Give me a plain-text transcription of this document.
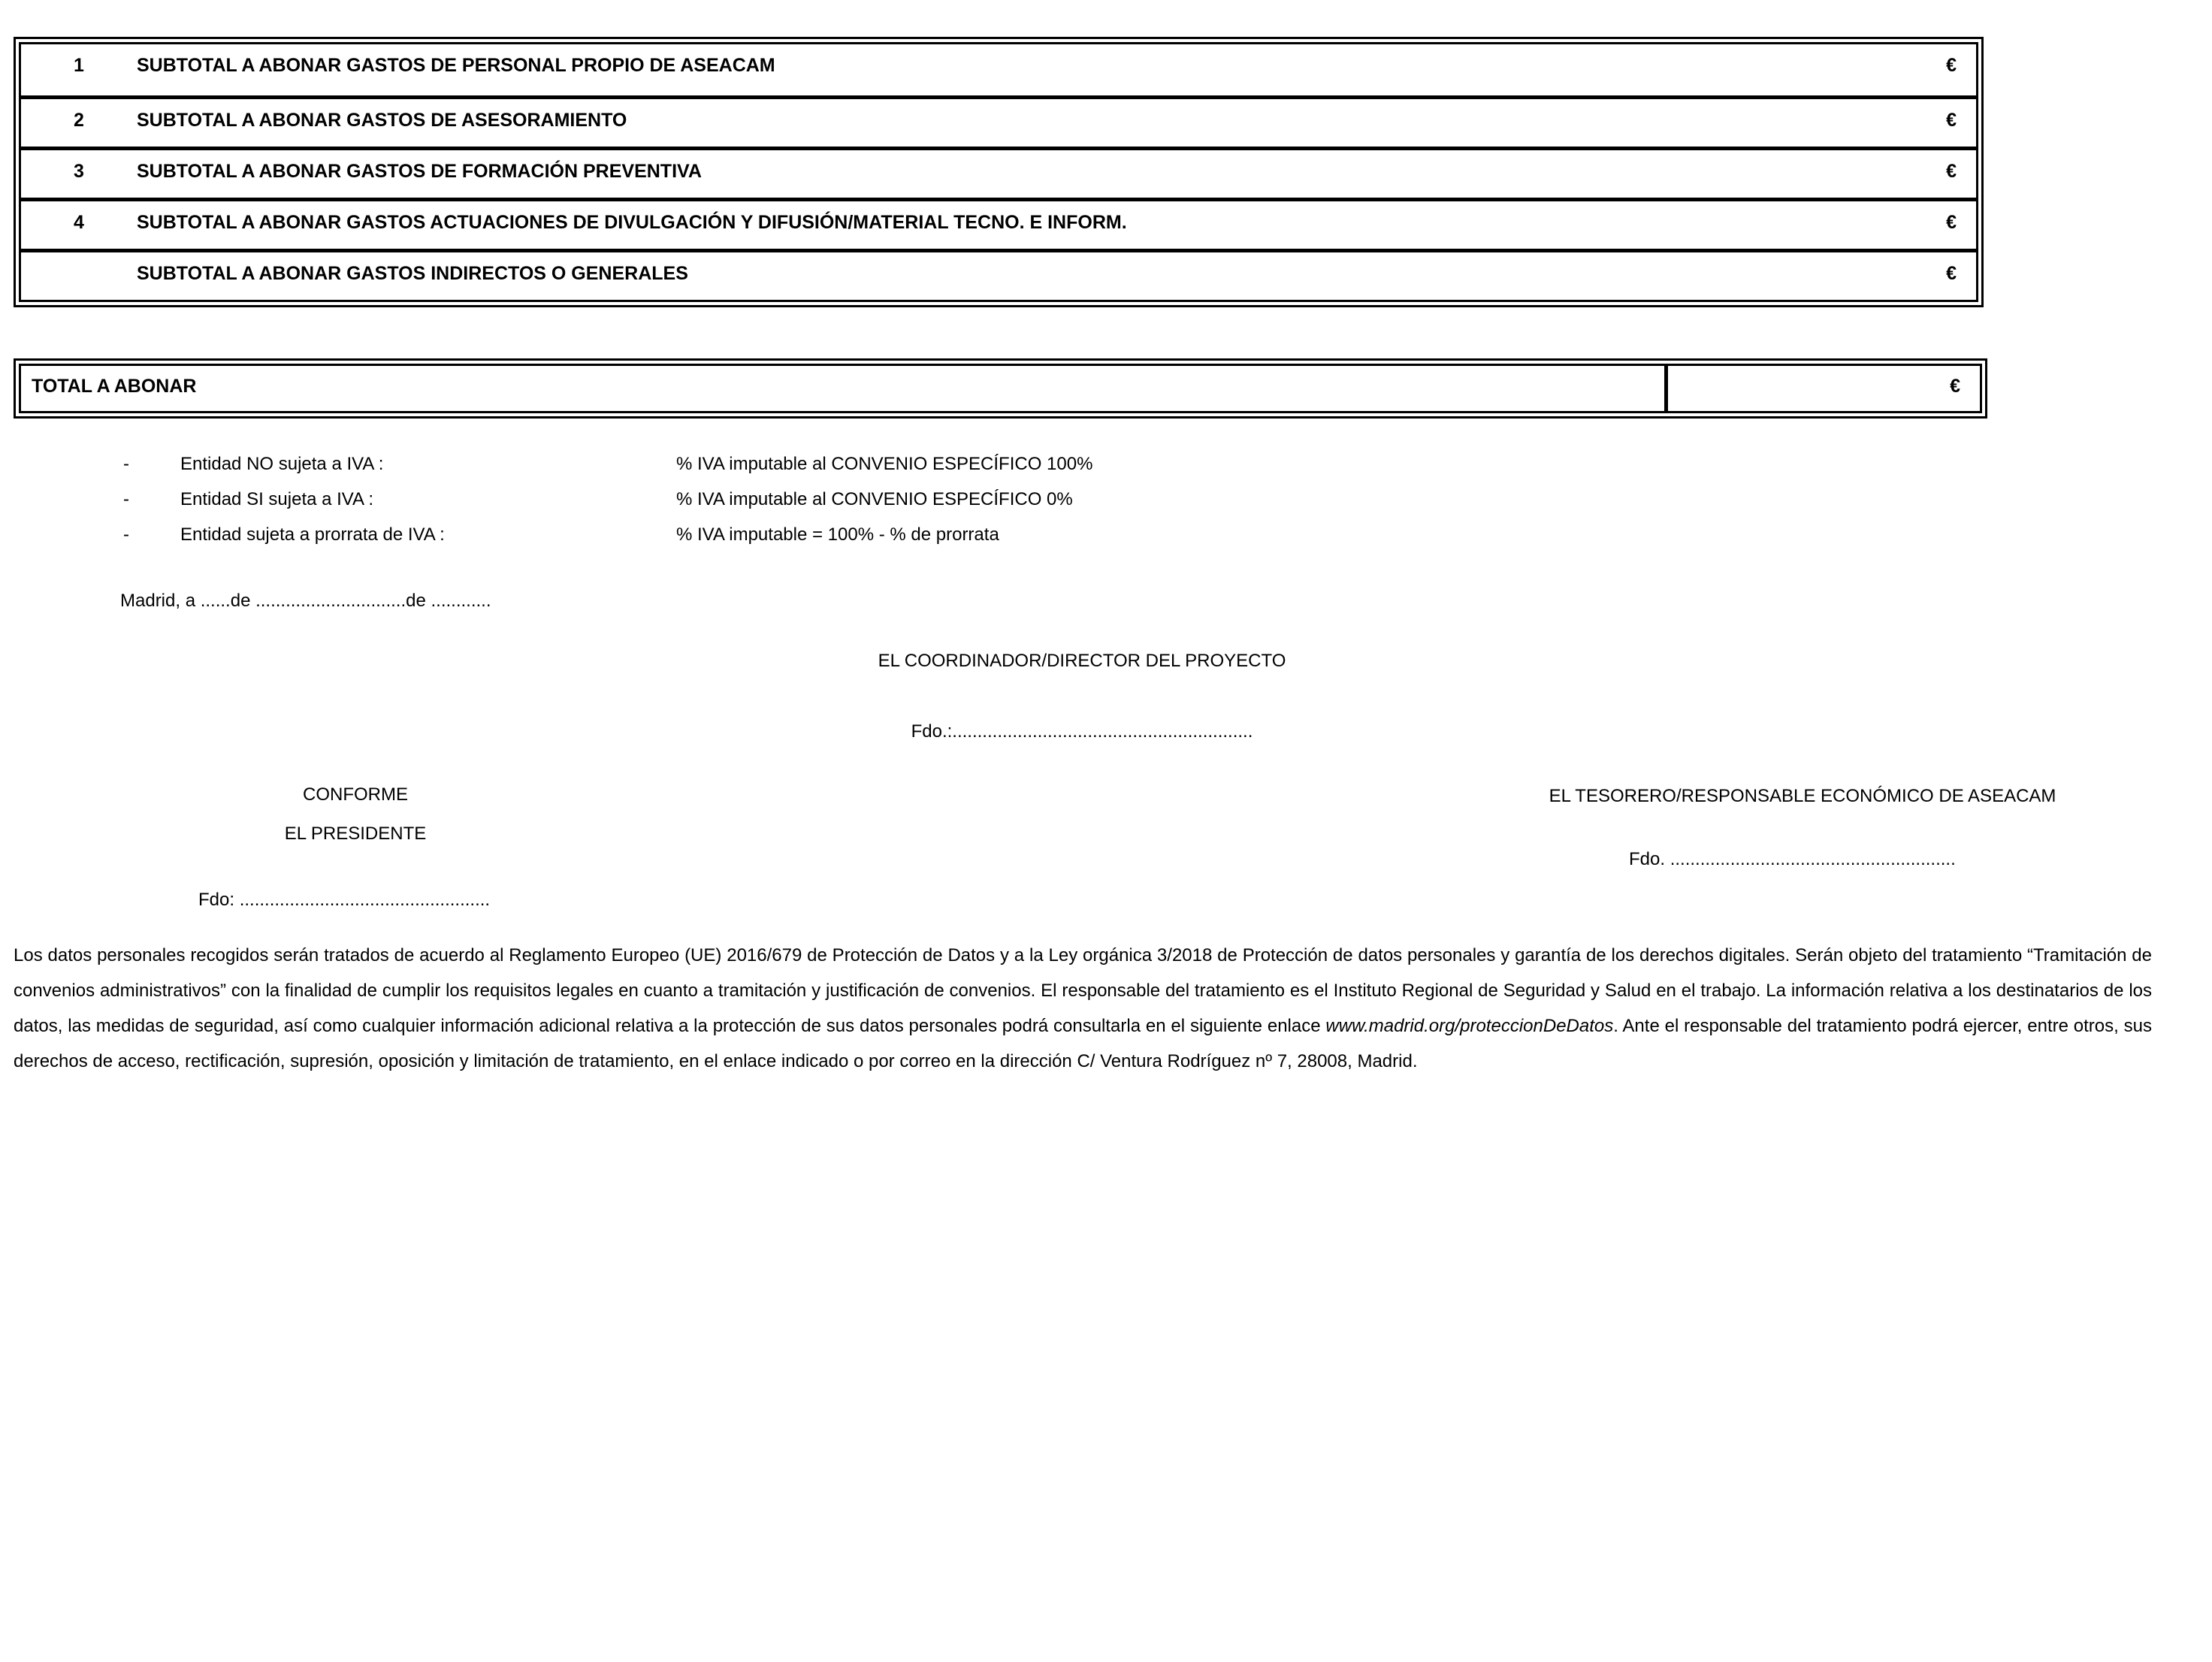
1	SUBTOTAL A ABONAR GASTOS DE PERSONAL PROPIO DE ASEACAM	€
2	SUBTOTAL A ABONAR GASTOS DE ASESORAMIENTO	€
3	SUBTOTAL A ABONAR GASTOS DE FORMACIÓN PREVENTIVA	€
4	SUBTOTAL A ABONAR GASTOS ACTUACIONES DE DIVULGACIÓN Y DIFUSIÓN/MATERIAL TECNO. E INFORM.	€
SUBTOTAL A ABONAR GASTOS INDIRECTOS O GENERALES	€
TOTAL A ABONAR	€
-	Entidad NO sujeta a IVA :	% IVA imputable al CONVENIO ESPECÍFICO 100%
-	Entidad SI sujeta a IVA :	% IVA imputable al CONVENIO ESPECÍFICO 0%
-	Entidad sujeta a prorrata de IVA :	% IVA imputable = 100% - % de prorrata
Madrid, a ......de ..............................de ............
EL COORDINADOR/DIRECTOR DEL PROYECTO
Fdo.:............................................................
CONFORME
EL PRESIDENTE
Fdo: ..................................................
EL TESORERO/RESPONSABLE ECONÓMICO DE ASEACAM
Fdo. .........................................................

Los datos personales recogidos serán tratados de acuerdo al Reglamento Europeo (UE) 2016/679 de Protección de Datos y a la Ley orgánica 3/2018 de Protección de datos personales y garantía de los derechos digitales. Serán objeto del tratamiento “Tramitación de convenios administrativos” con la finalidad de cumplir los requisitos legales en cuanto a tramitación y justificación de convenios. El responsable del tratamiento es el Instituto Regional de Seguridad y Salud en el trabajo. La información relativa a los destinatarios de los datos, las medidas de seguridad, así como cualquier información adicional relativa a la protección de sus datos personales podrá consultarla en el siguiente enlace www.madrid.org/proteccionDeDatos. Ante el responsable del tratamiento podrá ejercer, entre otros, sus derechos de acceso, rectificación, supresión, oposición y limitación de tratamiento, en el enlace indicado o por correo en la dirección C/ Ventura Rodríguez nº 7, 28008, Madrid.
